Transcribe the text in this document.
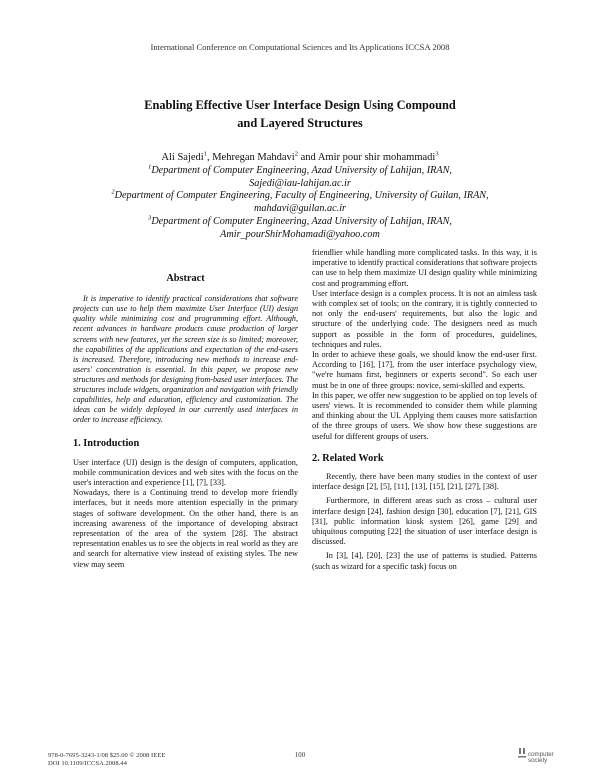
International Conference on Computational Sciences and Its Applications ICCSA 2008
Enabling Effective User Interface Design Using Compound
and Layered Structures
Ali Sajedi$^1$, Mehregan Mahdavi$^2$ and Amir pour shir mohammadi$^3$
$^1$Department of Computer Engineering, Azad University of Lahijan, IRAN,
Sajedi@iau-lahijan.ac.ir
$^2$Department of Computer Engineering, Faculty of Engineering, University of Guilan, IRAN,
mahdavi@guilan.ac.ir
$^3$Department of Computer Engineering, Azad University of Lahijan, IRAN,
Amir_pourShirMohamadi@yahoo.com
Abstract

It is imperative to identify practical considerations that software projects can use to help them maximize User Interface (UI) design quality while minimizing cost and programming effort. Although, recent advances in hardware products cause production of larger screens with new features, yet the screen size is so limited; moreover, the capabilities of the applications and expectation of the end-users is increased. Therefore, introducing new methods to increase end-users' concentration is essential. In this paper, we propose new structures and methods for designing from-based user interfaces. The structures include widgets, organization and navigation with friendly capabilities, help and education, efficiency and customization. The ideas can be widely deployed in our currently used interfaces in order to increase efficiency.

1. Introduction

User interface (UI) design is the design of computers, application, mobile communication devices and web sites with the focus on the user's interaction and experience [1], [7], [33].

Nowadays, there is a Continuing trend to develop more friendly interfaces, but it needs more attention especially in the primary stages of software development. On the other hand, there is an increasing awareness of the importance of developing abstract representation of the area of the system [28]. The abstract representation enables us to see the objects in real world as they are and search for alternative view instead of existing styles. The new view may seem

friendlier while handling more complicated tasks. In this way, it is imperative to identify practical considerations that software projects can use to help them maximize UI design quality while minimizing cost and programming effort.

User interface design is a complex process. It is not an aimless task with complex set of tools; on the contrary, it is tightly connected to not only the end-users' requirements, but also the logic and structure of the underlying code. The designers need as much support as possible in the form of procedures, guidelines, techniques and rules.

In order to achieve these goals, we should know the end-user first. According to [16], [17], from the user interface psychology view, "we're humans first, beginners or experts second". So each user must be in one of three groups: novice, semi-skilled and experts.

In this paper, we offer new suggestion to be applied on top levels of users' views. It is recommended to consider them while planning and thinking about the UI. Applying them causes more satisfaction of the three groups of users. We show how these suggestions are useful for different groups of users.

2. Related Work

Recently, there have been many studies in the context of user interface design [2], [5], [11], [13], [15], [21], [27], [38].

Furthermore, in different areas such as cross – cultural user interface design [24], fashion design [30], education [7], [21], GIS [31], public information kiosk system [26], game [29] and ubiquitous computing [22] the situation of user interface design is discussed.

In [3], [4], [20], [23] the use of patterns is studied. Patterns (such as wizard for a specific task) focus on

978-0-7695-3243-1/08 $25.00 © 2008 IEEE
DOI 10.1109/ICCSA.2008.44
100	computer
society
